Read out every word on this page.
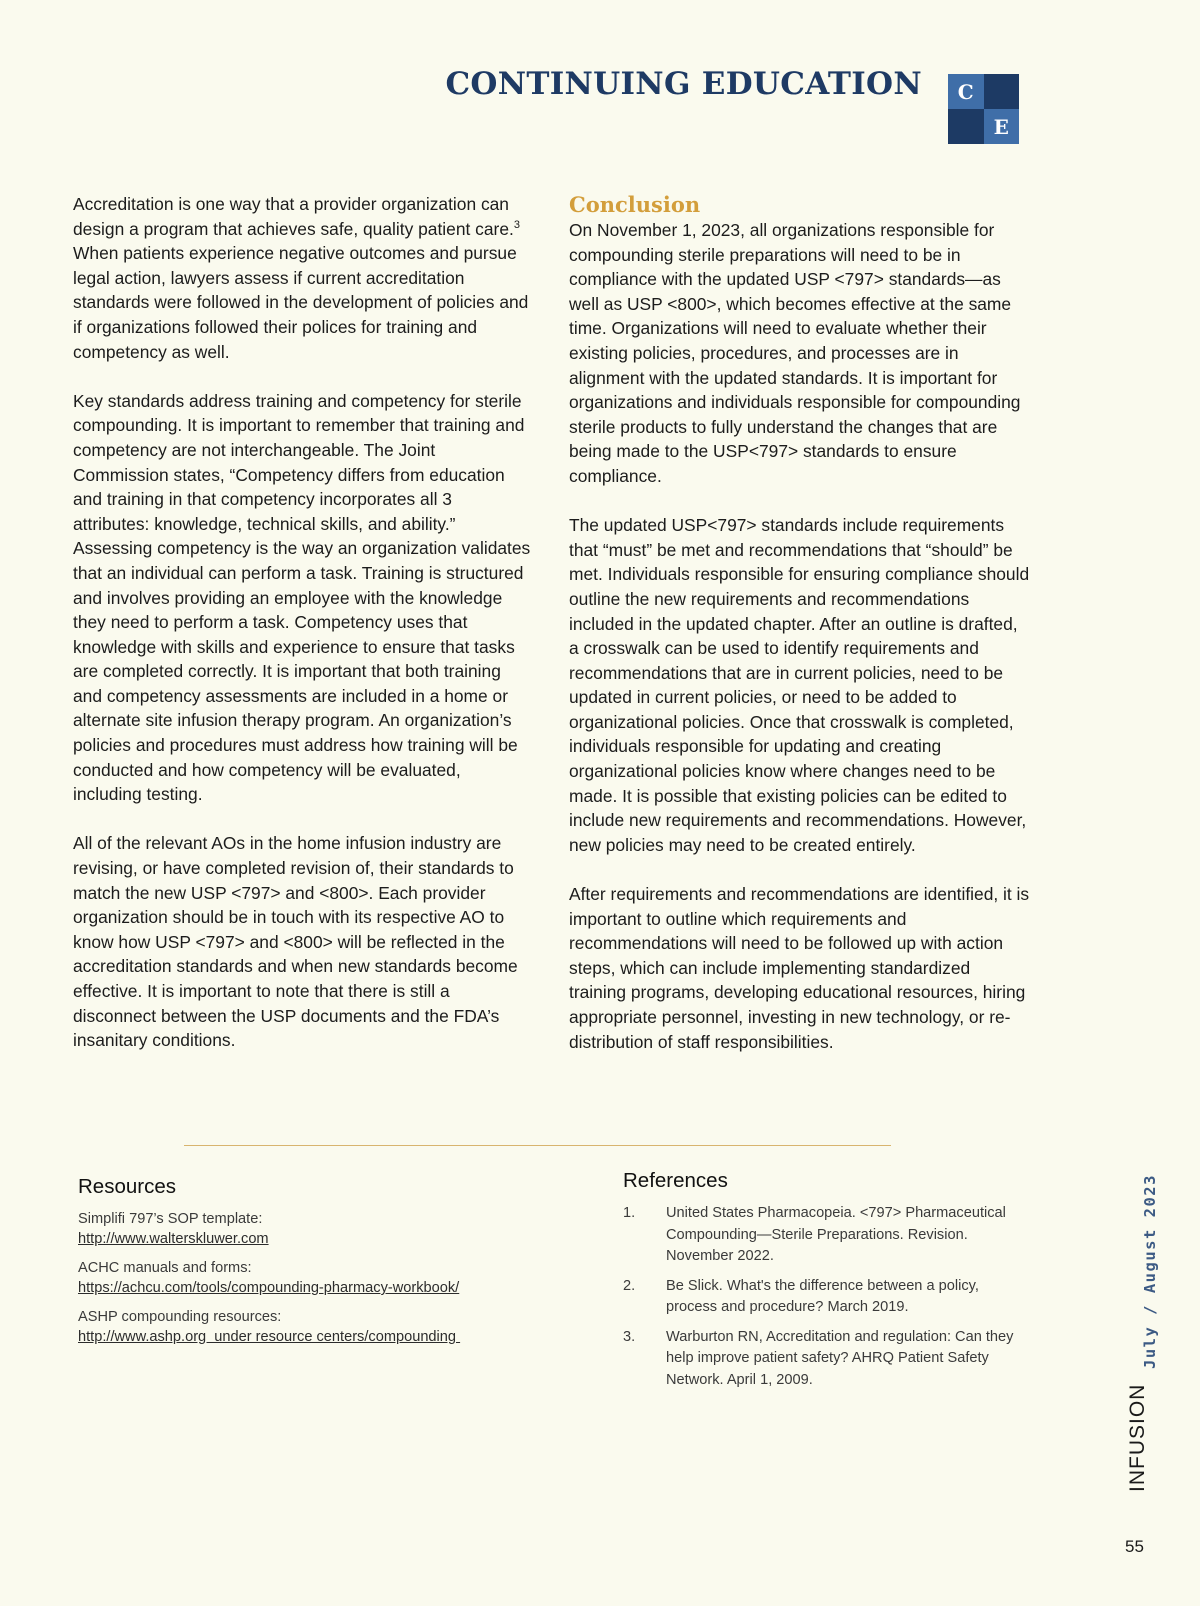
CONTINUING EDUCATION	C
E

Accreditation is one way that a provider organization can design a program that achieves safe, quality patient care.$^3$ When patients experience negative outcomes and pursue legal action, lawyers assess if current accreditation standards were followed in the development of policies and if organizations followed their polices for training and competency as well.

Key standards address training and competency for sterile compounding. It is important to remember that training and competency are not interchangeable. The Joint Commission states, “Competency differs from education and training in that competency incorporates all 3 attributes: knowledge, technical skills, and ability.” Assessing competency is the way an organization validates that an individual can perform a task. Training is structured and involves providing an employee with the knowledge they need to perform a task. Competency uses that knowledge with skills and experience to ensure that tasks are completed correctly. It is important that both training and competency assessments are included in a home or alternate site infusion therapy program. An organization’s policies and procedures must address how training will be conducted and how competency will be evaluated, including testing.

All of the relevant AOs in the home infusion industry are revising, or have completed revision of, their standards to match the new USP <797> and <800>. Each provider organization should be in touch with its respective AO to know how USP <797> and <800> will be reflected in the accreditation standards and when new standards become effective. It is important to note that there is still a disconnect between the USP documents and the FDA’s insanitary conditions.

Conclusion

On November 1, 2023, all organizations responsible for compounding sterile preparations will need to be in compliance with the updated USP <797> standards—as well as USP <800>, which becomes effective at the same time. Organizations will need to evaluate whether their existing policies, procedures, and processes are in alignment with the updated standards. It is important for organizations and individuals responsible for compounding sterile products to fully understand the changes that are being made to the USP<797> standards to ensure compliance.

The updated USP<797> standards include requirements that “must” be met and recommendations that “should” be met. Individuals responsible for ensuring compliance should outline the new requirements and recommendations included in the updated chapter. After an outline is drafted, a crosswalk can be used to identify requirements and recommendations that are in current policies, need to be updated in current policies, or need to be added to organizational policies. Once that crosswalk is completed, individuals responsible for updating and creating organizational policies know where changes need to be made. It is possible that existing policies can be edited to include new requirements and recommendations. However, new policies may need to be created entirely.

After requirements and recommendations are identified, it is important to outline which requirements and recommendations will need to be followed up with action steps, which can include implementing standardized training programs, developing educational resources, hiring appropriate personnel, investing in new technology, or re-distribution of staff responsibilities.

Resources
Simplifi 797’s SOP template:
http://www.walterskluwer.com
ACHC manuals and forms:
https://achcu.com/tools/compounding-pharmacy-workbook/
ASHP compounding resources:
http://www.ashp.org  under resource centers/compounding
References
1. United States Pharmacopeia. <797> Pharmaceutical Compounding—Sterile Preparations. Revision. November 2022.
2. Be Slick. What's the difference between a policy, process and procedure? March 2019.
3. Warburton RN, Accreditation and regulation: Can they help improve patient safety? AHRQ Patient Safety Network. April 1, 2009.
July / August 2023
INFUSION
55
